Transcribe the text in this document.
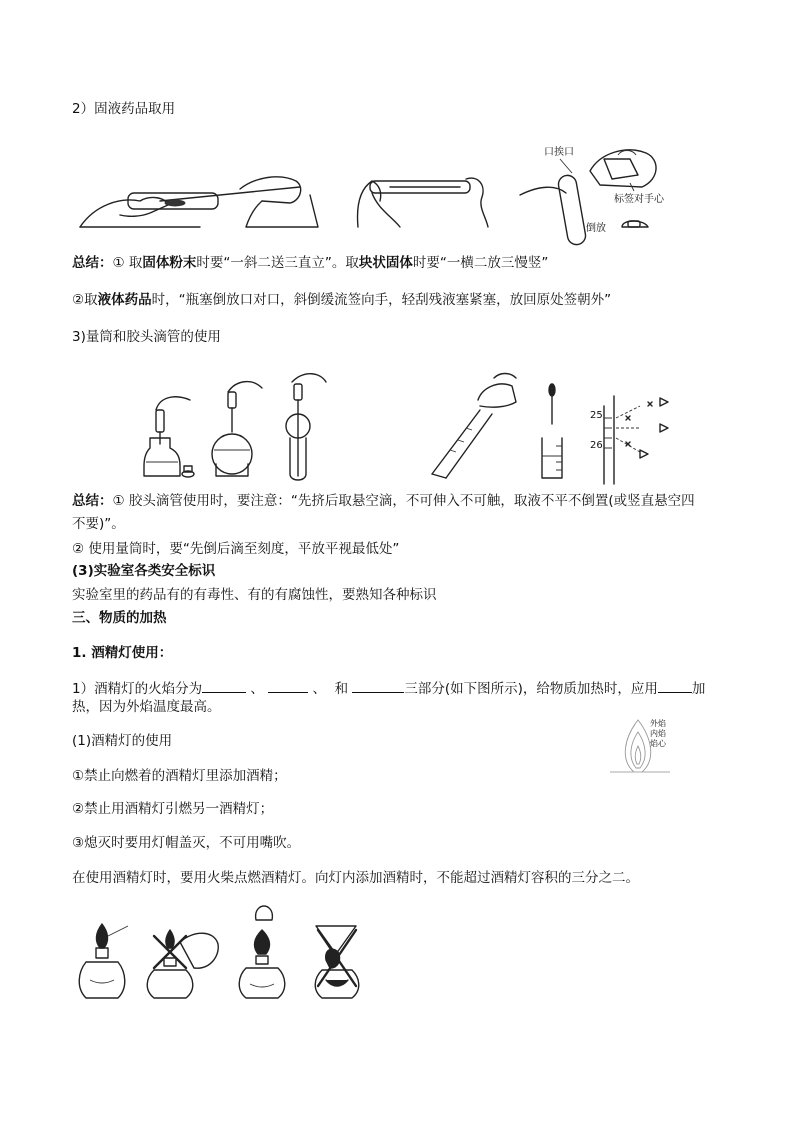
2）固液药品取用
口挨口
标签对手心
倒放
总结：① 取固体粉末时要“一斜二送三直立”。取块状固体时要“一横二放三慢竖”
②取液体药品时，“瓶塞倒放口对口，斜倒缓流签向手，轻刮残液塞紧塞，放回原处签朝外”
3)量筒和胶头滴管的使用
25
26
总结：① 胶头滴管使用时，要注意：“先挤后取悬空滴，不可伸入不可触，取液不平不倒置(或竖直悬空四
不要)”。
② 使用量筒时，要“先倒后滴至刻度，平放平视最低处”
(3)实验室各类安全标识
实验室里的药品有的有毒性、有的有腐蚀性，要熟知各种标识
三、物质的加热
1. 酒精灯使用：
1）酒精灯的火焰分为	、	、 和	三部分(如下图所示)，给物质加热时，应用	加
热，因为外焰温度最高。
外焰
内焰
焰心
(1)酒精灯的使用
①禁止向燃着的酒精灯里添加酒精；
②禁止用酒精灯引燃另一酒精灯；
③熄灭时要用灯帽盖灭，不可用嘴吹。
在使用酒精灯时，要用火柴点燃酒精灯。向灯内添加酒精时，不能超过酒精灯容积的三分之二。
